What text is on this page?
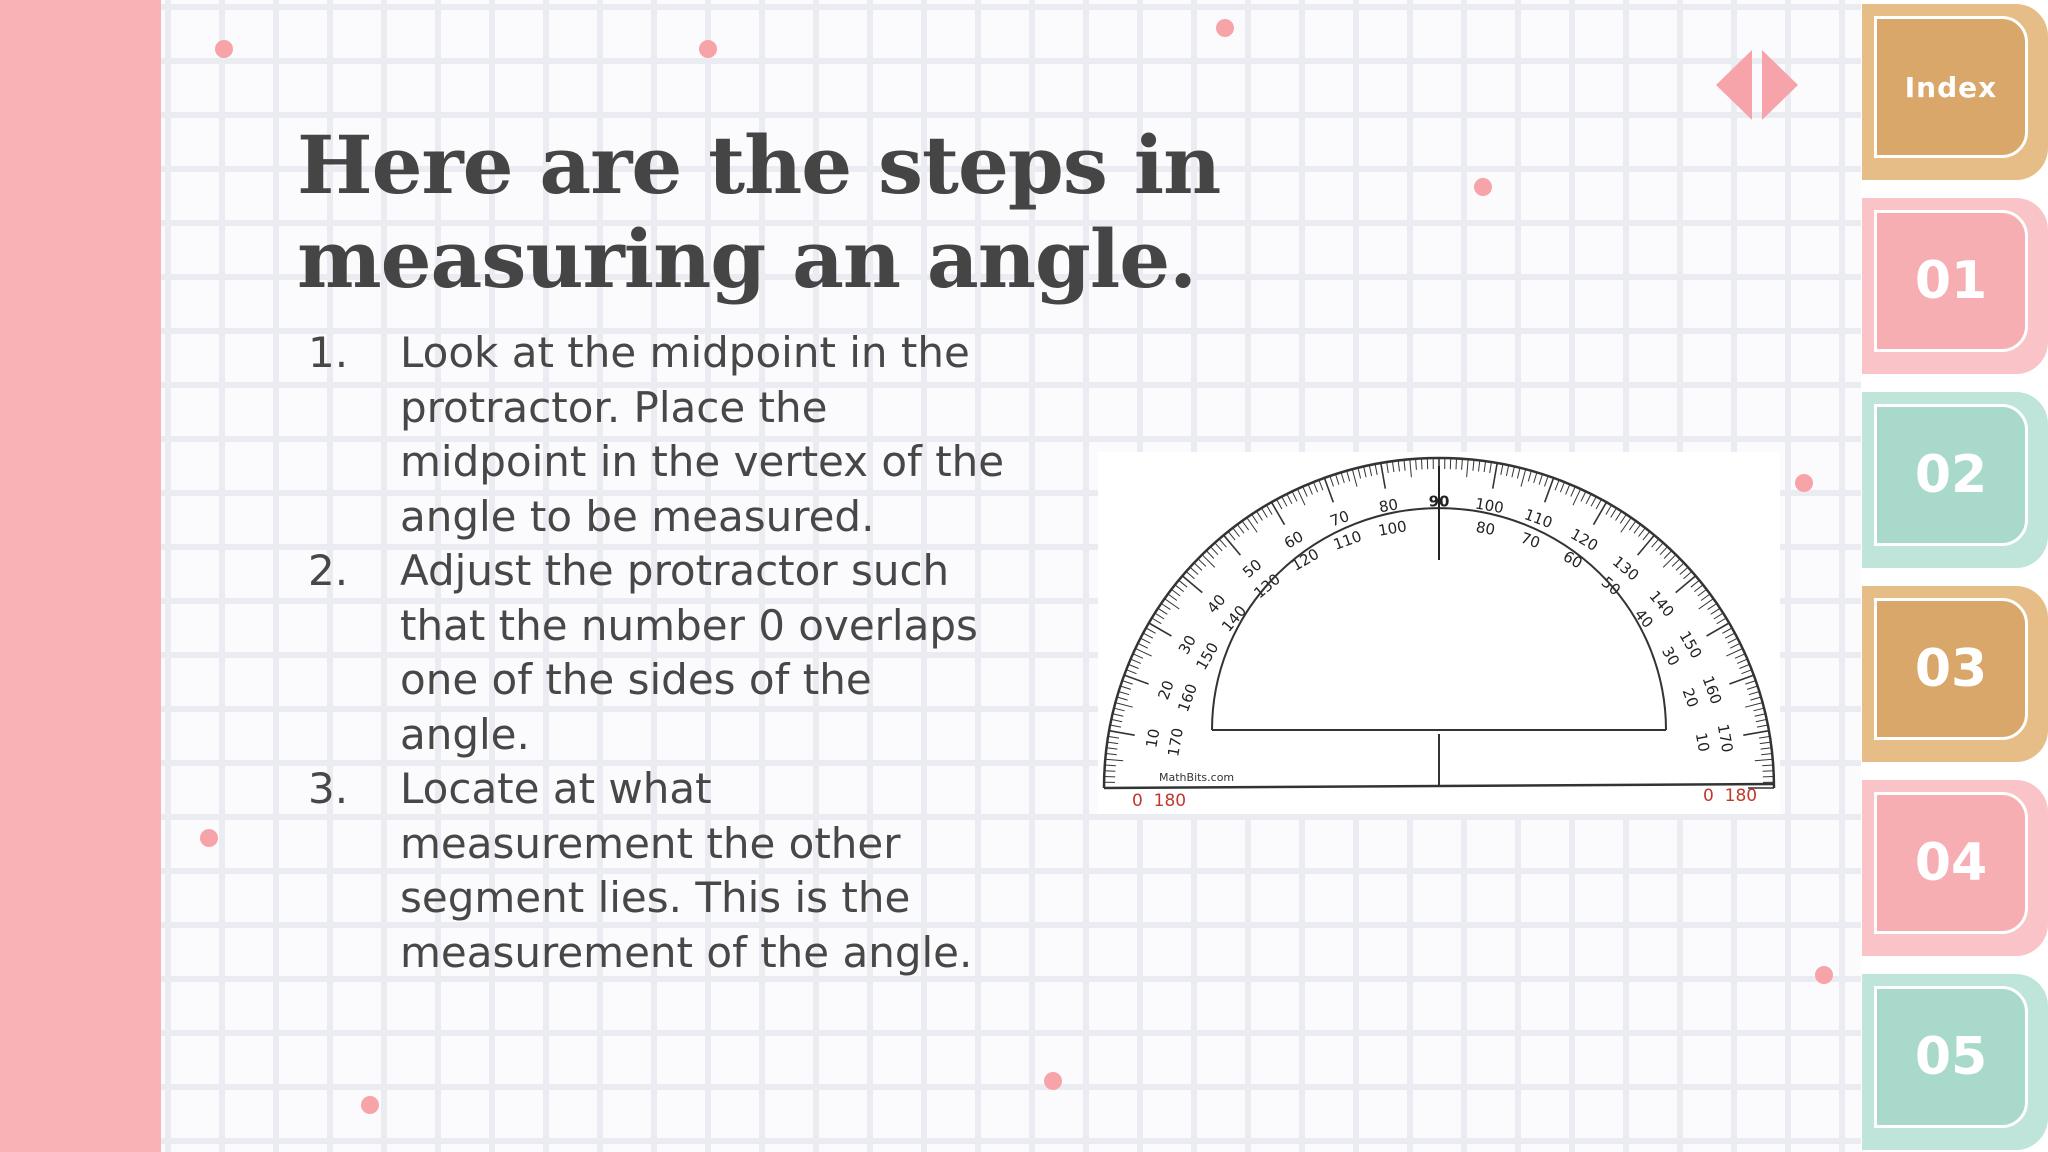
Here are the steps in measuring an angle.
1. Look at the midpoint in the protractor. Place the midpoint in the vertex of the angle to be measured.
2. Adjust the protractor such that the number 0 overlaps one of the sides of the angle.
3. Locate at what measurement the other segment lies. This is the measurement of the angle.
10
20
30
40
50
60
70
80 90 100 110
120
130
140
150
160
170
170
160
150
140
130
120
110 100	80
70
60
50
40
30
20
10
MathBits.com
0  180	0  180
Index
01
02
03
04
05
